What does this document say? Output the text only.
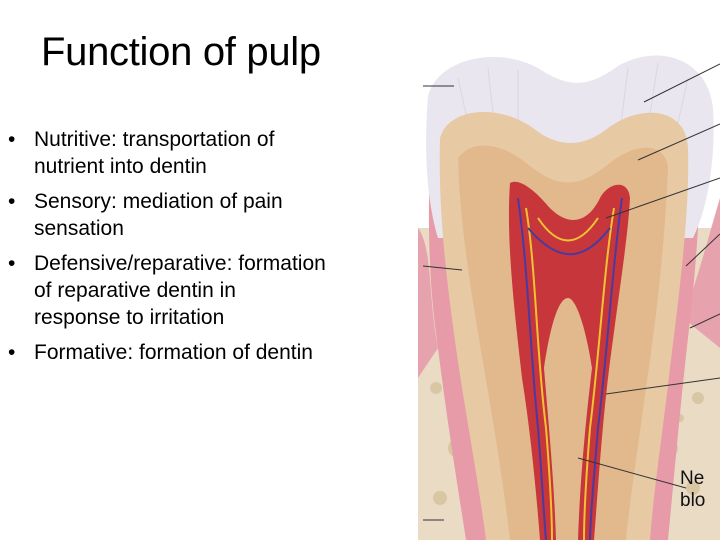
Function of pulp
• Nutritive: transportation of nutrient into dentin
• Sensory: mediation of pain sensation
• Defensive/reparative: formation of reparative dentin in response to irritation
• Formative: formation of dentin
Ne
blo
